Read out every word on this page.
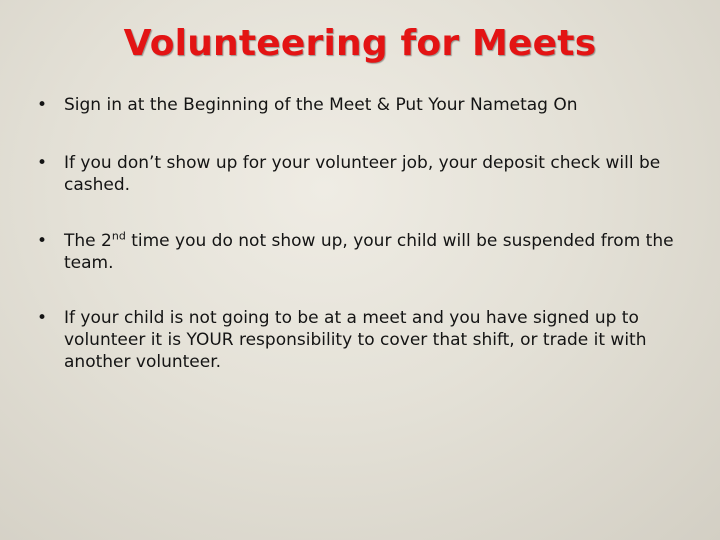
Volunteering for Meets
• Sign in at the Beginning of the Meet & Put Your Nametag On
• If you don’t show up for your volunteer job, your deposit check will be cashed.
• The 2nd time you do not show up, your child will be suspended from the team.
• If your child is not going to be at a meet and you have signed up to volunteer it is YOUR responsibility to cover that shift, or trade it with another volunteer.
